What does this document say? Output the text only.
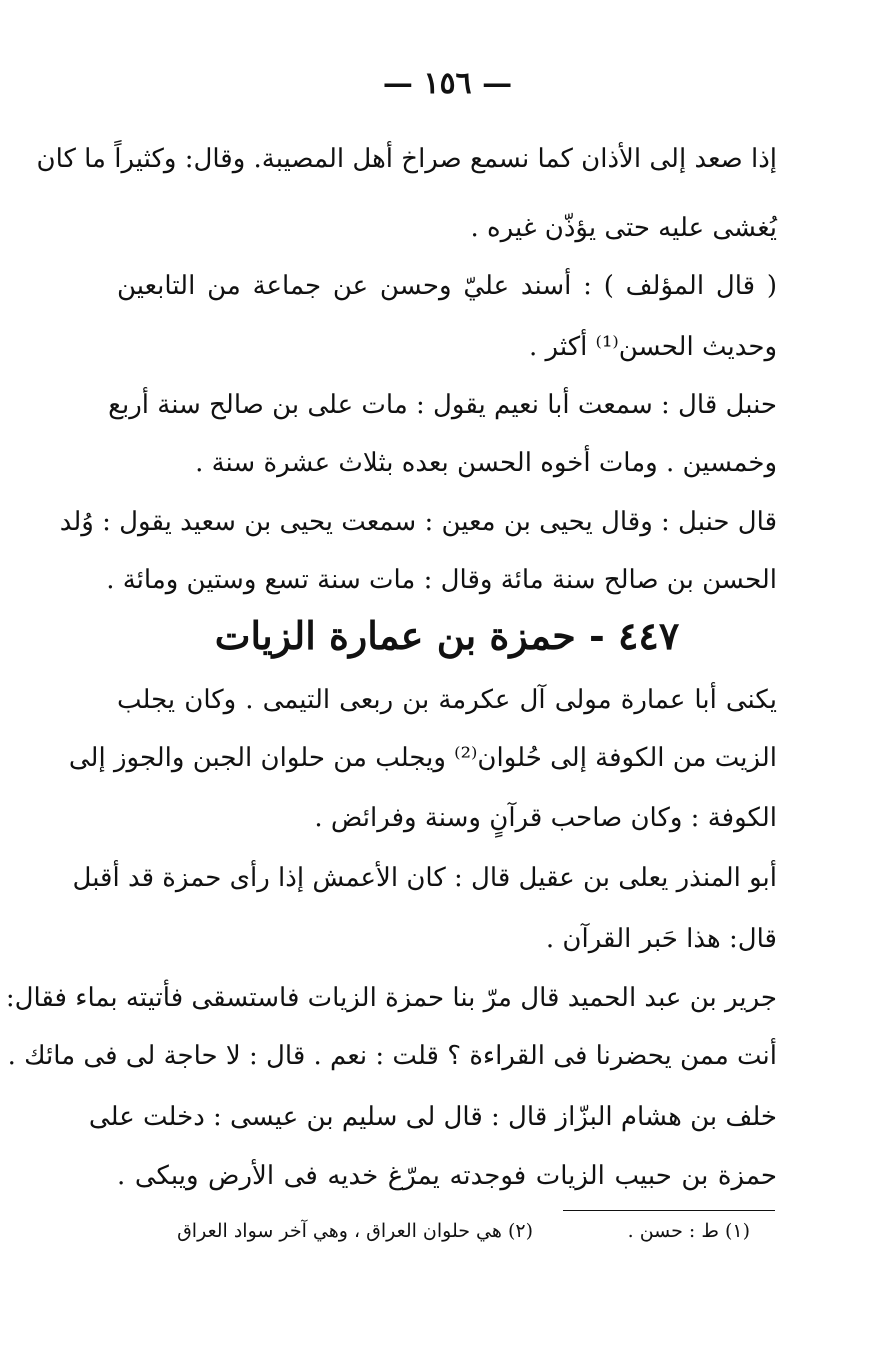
— ١٥٦ —
إذا صعد إلى الأذان كما نسمع صراخ أهل المصيبة. وقال: وكثيراً ما كان
يُغشى عليه حتى يؤذّن غيره .
( قال المؤلف ) : أسند عليّ وحسن عن جماعة من التابعين
وحديث الحسن⁽¹⁾ أكثر .
حنبل قال : سمعت أبا نعيم يقول : مات على بن صالح سنة أربع
وخمسين . ومات أخوه الحسن بعده بثلاث عشرة سنة .
قال حنبل : وقال يحيى بن معين : سمعت يحيى بن سعيد يقول : وُلد
الحسن بن صالح سنة مائة وقال : مات سنة تسع وستين ومائة .
٤٤٧ - حمزة بن عمارة الزيات
يكنى أبا عمارة مولى آل عكرمة بن ربعى التيمى . وكان يجلب
الزيت من الكوفة إلى حُلوان⁽²⁾ ويجلب من حلوان الجبن والجوز إلى
الكوفة : وكان صاحب قرآنٍ وسنة وفرائض .
أبو المنذر يعلى بن عقيل قال : كان الأعمش إذا رأى حمزة قد أقبل
قال: هذا حَبر القرآن .
جرير بن عبد الحميد قال مرّ بنا حمزة الزيات فاستسقى فأتيته بماء فقال:
أنت ممن يحضرنا فى القراءة ؟ قلت : نعم . قال : لا حاجة لى فى مائك .
خلف بن هشام البزّاز قال : قال لى سليم بن عيسى : دخلت على
حمزة بن حبيب الزيات فوجدته يمرّغ خديه فى الأرض ويبكى .
(١) ط : حسن .
(٢) هي حلوان العراق ، وهي آخر سواد العراق
